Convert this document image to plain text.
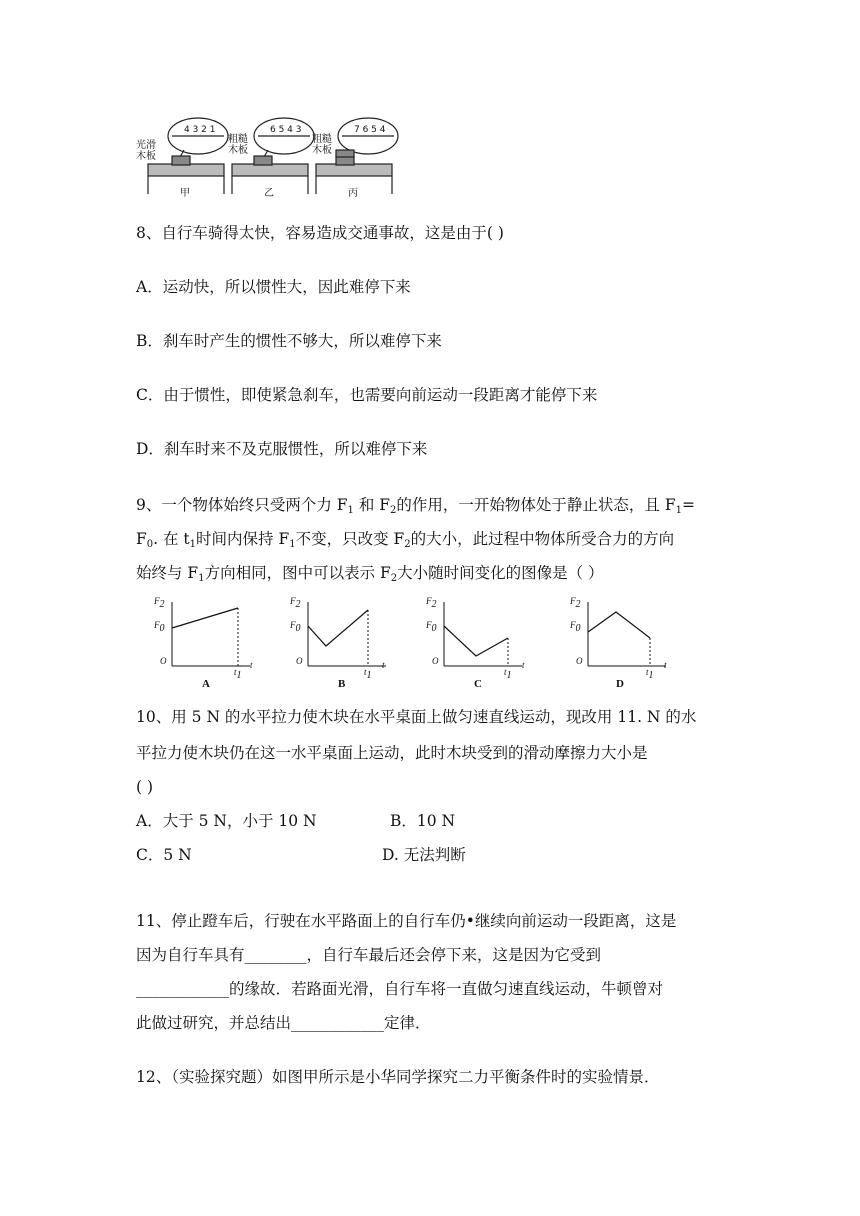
4 3 2 1	6 5 4 3	7 6 5 4
光滑
木板
粗糙
木板
粗糙
木板
甲	乙	丙
8、自行车骑得太快，容易造成交通事故，这是由于( )
A．运动快，所以惯性大，因此难停下来
B．刹车时产生的惯性不够大，所以难停下来
C．由于惯性，即使紧急刹车，也需要向前运动一段距离才能停下来
D．刹车时来不及克服惯性，所以难停下来
9、一个物体始终只受两个力 $F_1$ 和 $F_2$的作用，一开始物体处于静止状态，且 $F_1=$
$F_0$. 在 $t_1$时间内保持 $F_1$不变，只改变 $F_2$的大小，此过程中物体所受合力的方向
始终与 $F_1$方向相同，图中可以表示 $F_2$大小随时间变化的图像是（ ）
F2
F0
O
t1
t
A
F2
F0
O
t1
t
B
F2
F0
O
t1
t
C
F2
F0
O
t1
t
D
10、用 5 N 的水平拉力使木块在水平桌面上做匀速直线运动，现改用 11. N 的水
平拉力使木块仍在这一水平桌面上运动，此时木块受到的滑动摩擦力大小是
( )
A．大于 5 N，小于 10 N	B．10 N
C．5 N	D. 无法判断
11、停止蹬车后，行驶在水平路面上的自行车仍•继续向前运动一段距离，这是
因为自行车具有________，自行车最后还会停下来，这是因为它受到
____________的缘故．若路面光滑，自行车将一直做匀速直线运动，牛顿曾对
此做过研究，并总结出____________定律．
12、（实验探究题）如图甲所示是小华同学探究二力平衡条件时的实验情景．
